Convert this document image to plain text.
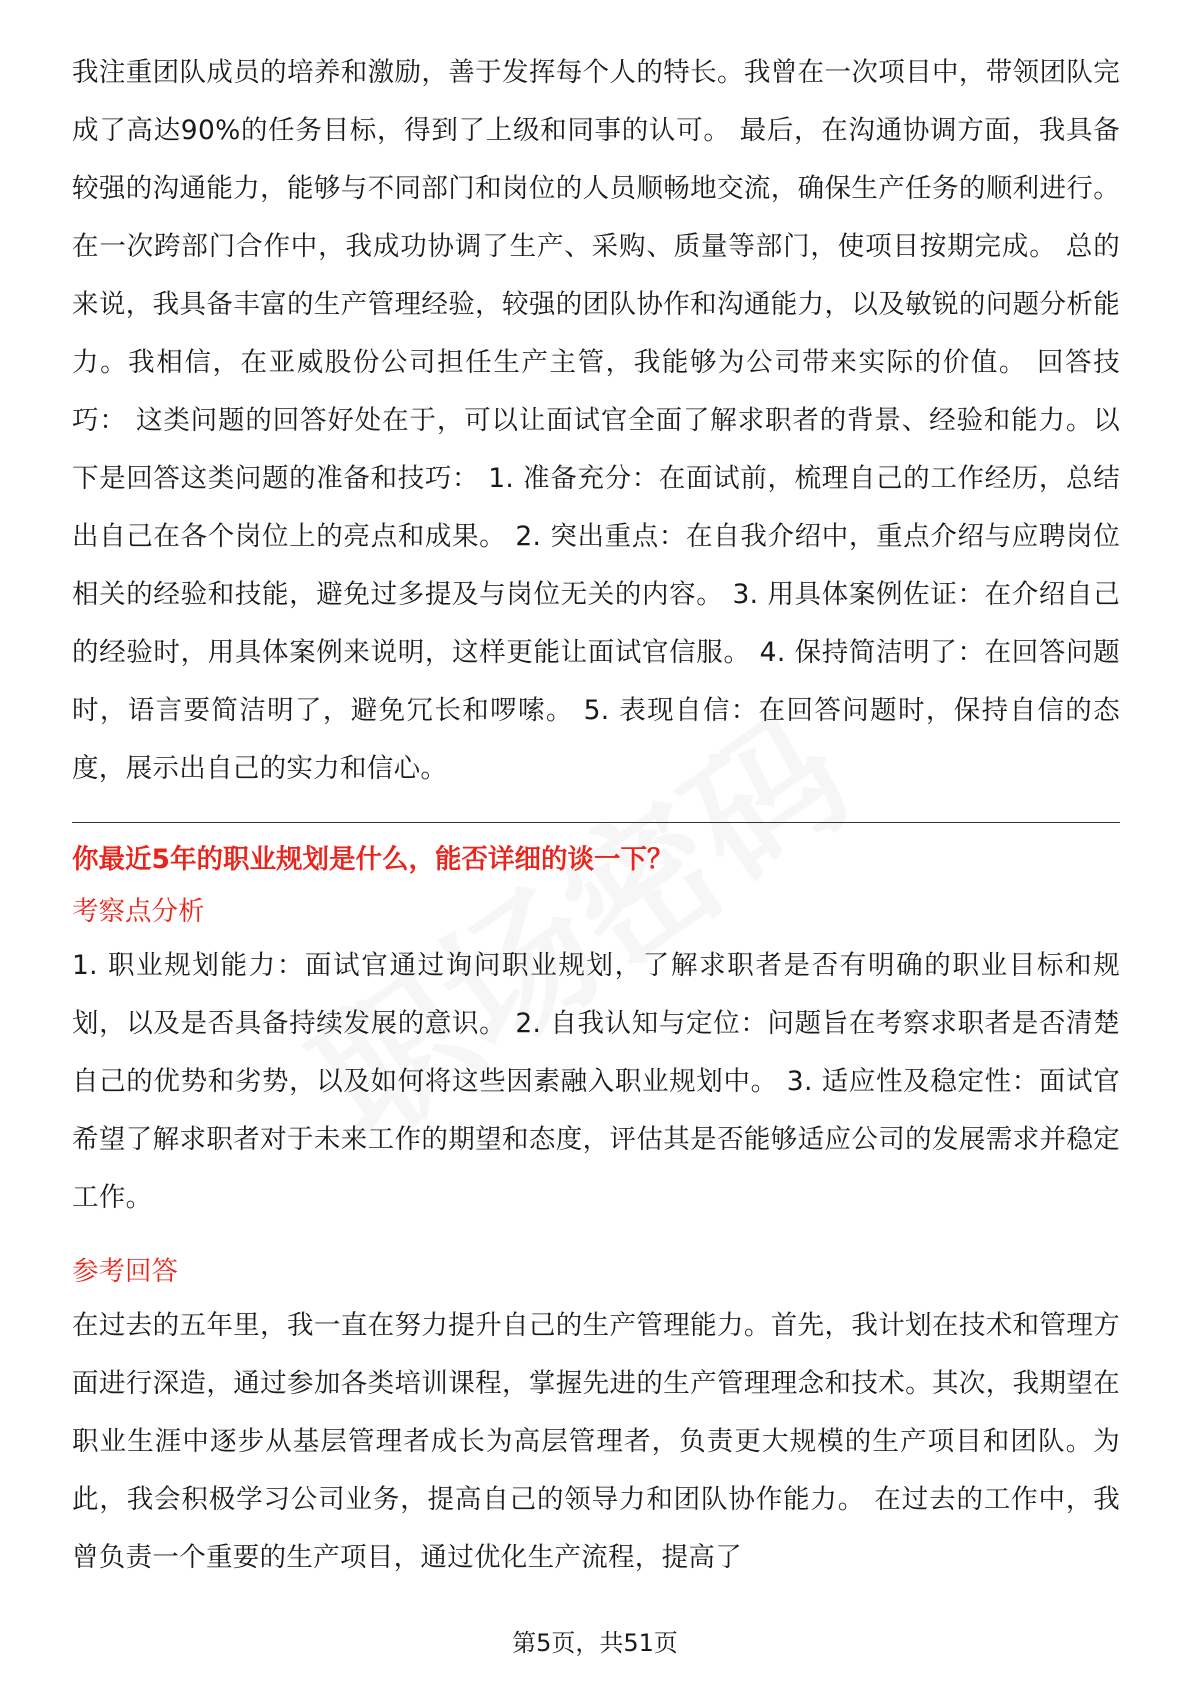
我注重团队成员的培养和激励，善于发挥每个人的特长。我曾在一次项目中，带领团队完成了高达90%的任务目标，得到了上级和同事的认可。 最后，在沟通协调方面，我具备较强的沟通能力，能够与不同部门和岗位的人员顺畅地交流，确保生产任务的顺利进行。在一次跨部门合作中，我成功协调了生产、采购、质量等部门，使项目按期完成。 总的来说，我具备丰富的生产管理经验，较强的团队协作和沟通能力，以及敏锐的问题分析能力。我相信，在亚威股份公司担任生产主管，我能够为公司带来实际的价值。 回答技巧： 这类问题的回答好处在于，可以让面试官全面了解求职者的背景、经验和能力。以下是回答这类问题的准备和技巧： 1. 准备充分：在面试前，梳理自己的工作经历，总结出自己在各个岗位上的亮点和成果。 2. 突出重点：在自我介绍中，重点介绍与应聘岗位相关的经验和技能，避免过多提及与岗位无关的内容。 3. 用具体案例佐证：在介绍自己的经验时，用具体案例来说明，这样更能让面试官信服。 4. 保持简洁明了：在回答问题时，语言要简洁明了，避免冗长和啰嗦。 5. 表现自信：在回答问题时，保持自信的态度，展示出自己的实力和信心。

你最近5年的职业规划是什么，能否详细的谈一下？

考察点分析

1. 职业规划能力：面试官通过询问职业规划，了解求职者是否有明确的职业目标和规划，以及是否具备持续发展的意识。 2. 自我认知与定位：问题旨在考察求职者是否清楚自己的优势和劣势，以及如何将这些因素融入职业规划中。 3. 适应性及稳定性：面试官希望了解求职者对于未来工作的期望和态度，评估其是否能够适应公司的发展需求并稳定工作。

参考回答

在过去的五年里，我一直在努力提升自己的生产管理能力。首先，我计划在技术和管理方面进行深造，通过参加各类培训课程，掌握先进的生产管理理念和技术。其次，我期望在职业生涯中逐步从基层管理者成长为高层管理者，负责更大规模的生产项目和团队。为此，我会积极学习公司业务，提高自己的领导力和团队协作能力。 在过去的工作中，我曾负责一个重要的生产项目，通过优化生产流程，提高了

第5页，共51页
